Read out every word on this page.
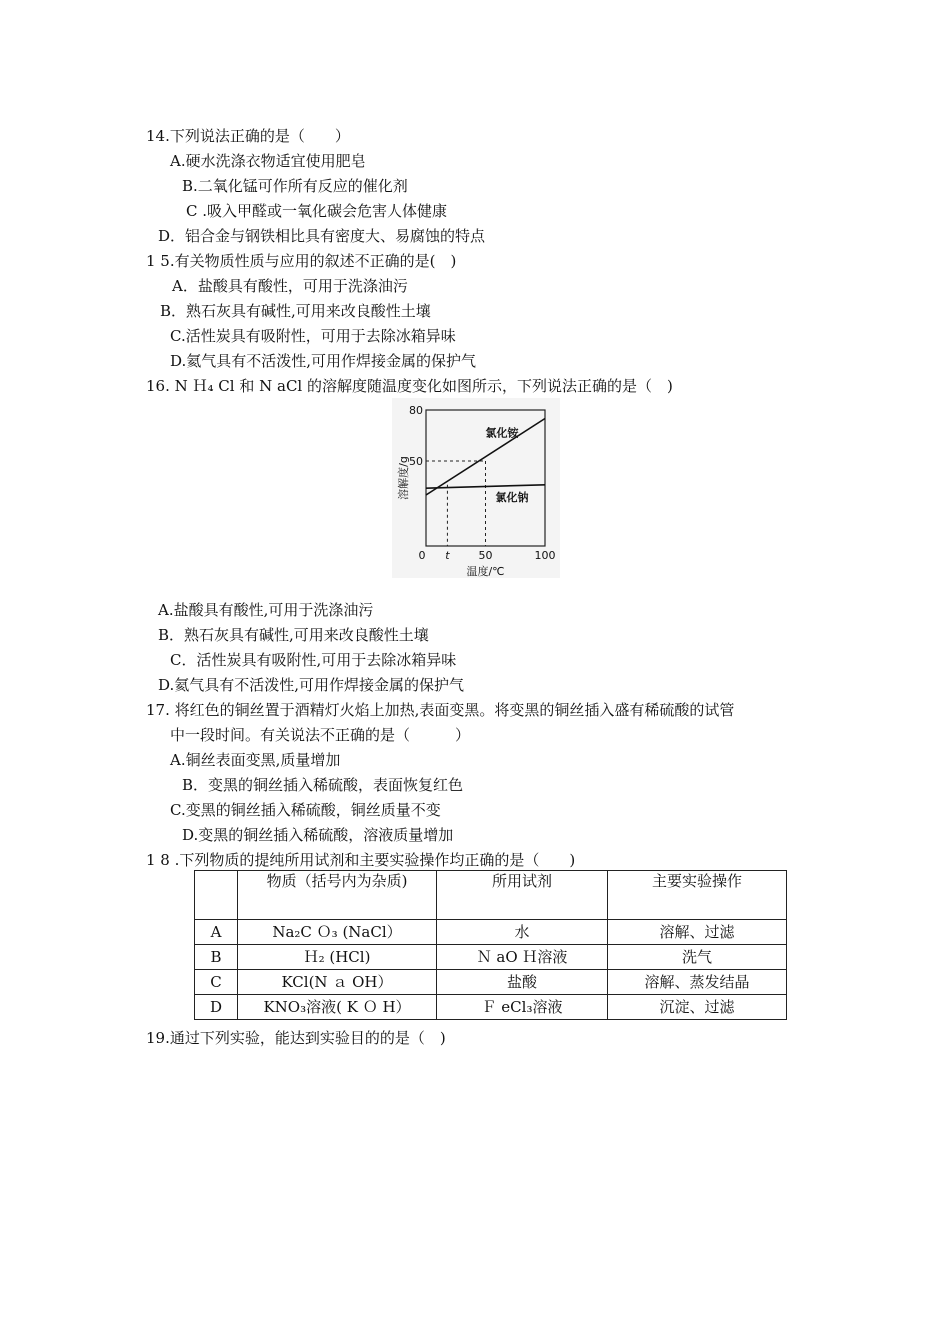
14.下列说法正确的是（　　）
A.硬水洗涤衣物适宜使用肥皂
B.二氧化锰可作所有反应的催化剂
C .吸入甲醛或一氧化碳会危害人体健康
D．铝合金与钢铁相比具有密度大、易腐蚀的特点
1 5.有关物质性质与应用的叙述不正确的是(　)
A．盐酸具有酸性，可用于洗涤油污
B．熟石灰具有碱性,可用来改良酸性土壤
C.活性炭具有吸附性，可用于去除冰箱异味
D.氦气具有不活泼性,可用作焊接金属的保护气
16. N Ｈ₄ Cl 和 N aCl 的溶解度随温度变化如图所示，下列说法正确的是（　)
氯化铵
氯化钠
50
80
0 t	50	100
温度/℃
溶解度/g
A.盐酸具有酸性,可用于洗涤油污
B．熟石灰具有碱性,可用来改良酸性土壤
C．活性炭具有吸附性,可用于去除冰箱异味
D.氦气具有不活泼性,可用作焊接金属的保护气
17. 将红色的铜丝置于酒精灯火焰上加热,表面变黑。将变黑的铜丝插入盛有稀硫酸的试管
中一段时间。有关说法不正确的是（　　　）
A.铜丝表面变黑,质量增加
B．变黑的铜丝插入稀硫酸，表面恢复红色
C.变黑的铜丝插入稀硫酸，铜丝质量不变
D.变黑的铜丝插入稀硫酸，溶液质量增加
1 8 .下列物质的提纯所用试剂和主要实验操作均正确的是（　　)
	物质（括号内为杂质)	所用试剂	主要实验操作
A	Na₂C Ｏ₃ (NaCl）	水	溶解、过滤
B	Ｈ₂ (HCl)	Ｎ aO Ｈ溶液	洗气
C	KCl(N ａ OH）	盐酸	溶解、蒸发结晶
D	KNO₃溶液( K Ｏ H）	Ｆ eCl₃溶液	沉淀、过滤
19.通过下列实验，能达到实验目的的是（　)
